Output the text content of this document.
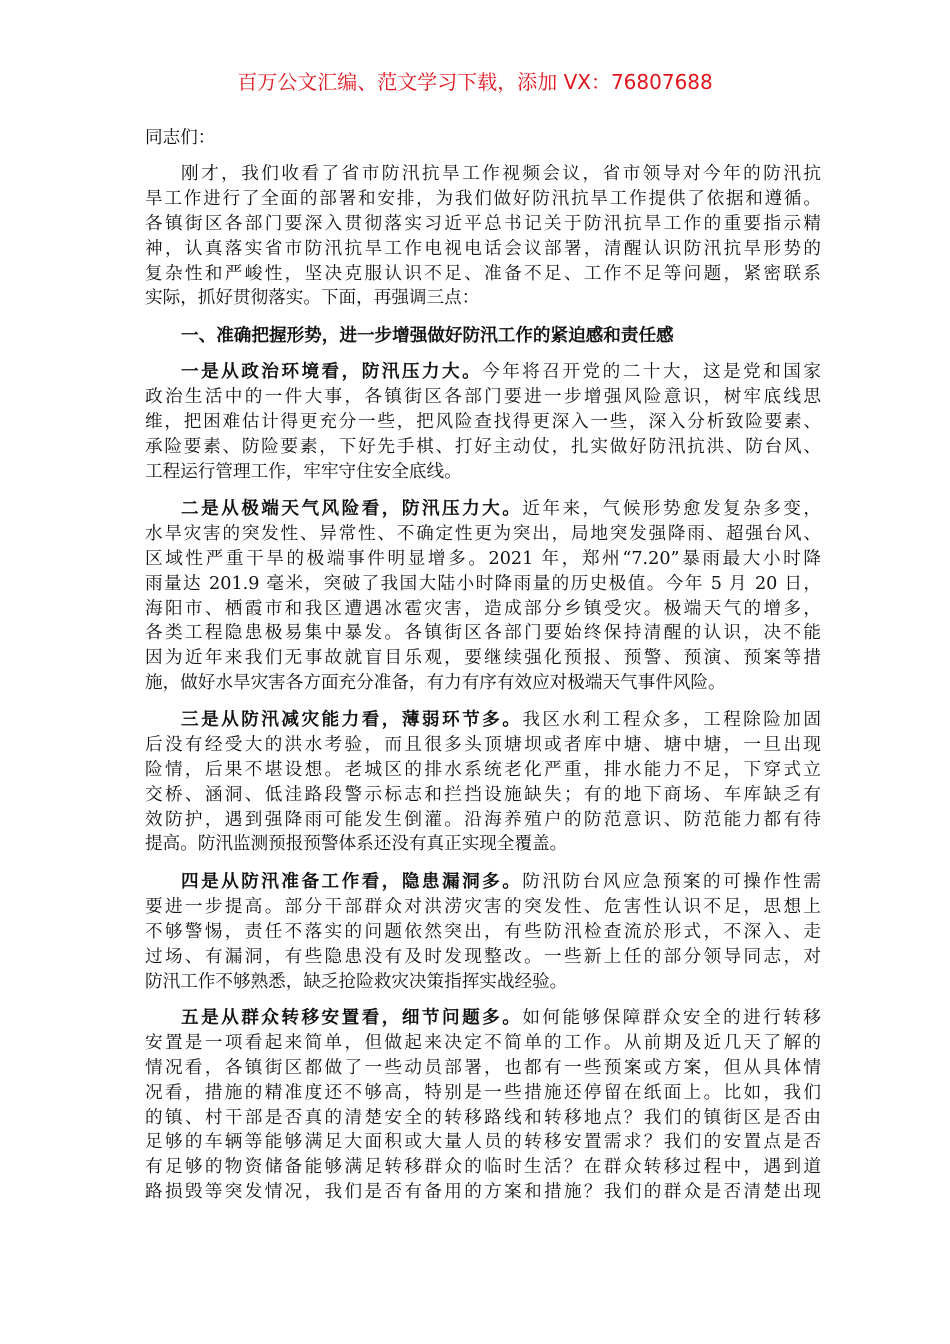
百万公文汇编、范文学习下载，添加 VX：76807688
同志们：
刚才，我们收看了省市防汛抗旱工作视频会议，省市领导对今年的防汛抗
旱工作进行了全面的部署和安排，为我们做好防汛抗旱工作提供了依据和遵循。
各镇街区各部门要深入贯彻落实习近平总书记关于防汛抗旱工作的重要指示精
神，认真落实省市防汛抗旱工作电视电话会议部署，清醒认识防汛抗旱形势的
复杂性和严峻性，坚决克服认识不足、准备不足、工作不足等问题，紧密联系
实际，抓好贯彻落实。下面，再强调三点：
一、准确把握形势，进一步增强做好防汛工作的紧迫感和责任感
一是从政治环境看，防汛压力大。今年将召开党的二十大，这是党和国家
政治生活中的一件大事，各镇街区各部门要进一步增强风险意识，树牢底线思
维，把困难估计得更充分一些，把风险查找得更深入一些，深入分析致险要素、
承险要素、防险要素，下好先手棋、打好主动仗，扎实做好防汛抗洪、防台风、
工程运行管理工作，牢牢守住安全底线。
二是从极端天气风险看，防汛压力大。近年来，气候形势愈发复杂多变，
水旱灾害的突发性、异常性、不确定性更为突出，局地突发强降雨、超强台风、
区域性严重干旱的极端事件明显增多。2021 年，郑州“7.20”暴雨最大小时降
雨量达 201.9 毫米，突破了我国大陆小时降雨量的历史极值。今年 5 月 20 日，
海阳市、栖霞市和我区遭遇冰雹灾害，造成部分乡镇受灾。极端天气的增多，
各类工程隐患极易集中暴发。各镇街区各部门要始终保持清醒的认识，决不能
因为近年来我们无事故就盲目乐观，要继续强化预报、预警、预演、预案等措
施，做好水旱灾害各方面充分准备，有力有序有效应对极端天气事件风险。
三是从防汛减灾能力看，薄弱环节多。我区水利工程众多，工程除险加固
后没有经受大的洪水考验，而且很多头顶塘坝或者库中塘、塘中塘，一旦出现
险情，后果不堪设想。老城区的排水系统老化严重，排水能力不足，下穿式立
交桥、涵洞、低洼路段警示标志和拦挡设施缺失；有的地下商场、车库缺乏有
效防护，遇到强降雨可能发生倒灌。沿海养殖户的防范意识、防范能力都有待
提高。防汛监测预报预警体系还没有真正实现全覆盖。
四是从防汛准备工作看，隐患漏洞多。防汛防台风应急预案的可操作性需
要进一步提高。部分干部群众对洪涝灾害的突发性、危害性认识不足，思想上
不够警惕，责任不落实的问题依然突出，有些防汛检查流於形式，不深入、走
过场、有漏洞，有些隐患没有及时发现整改。一些新上任的部分领导同志，对
防汛工作不够熟悉，缺乏抢险救灾决策指挥实战经验。
五是从群众转移安置看，细节问题多。如何能够保障群众安全的进行转移
安置是一项看起来简单，但做起来决定不简单的工作。从前期及近几天了解的
情况看，各镇街区都做了一些动员部署，也都有一些预案或方案，但从具体情
况看，措施的精准度还不够高，特别是一些措施还停留在纸面上。比如，我们
的镇、村干部是否真的清楚安全的转移路线和转移地点？我们的镇街区是否由
足够的车辆等能够满足大面积或大量人员的转移安置需求？我们的安置点是否
有足够的物资储备能够满足转移群众的临时生活？在群众转移过程中，遇到道
路损毁等突发情况，我们是否有备用的方案和措施？我们的群众是否清楚出现
